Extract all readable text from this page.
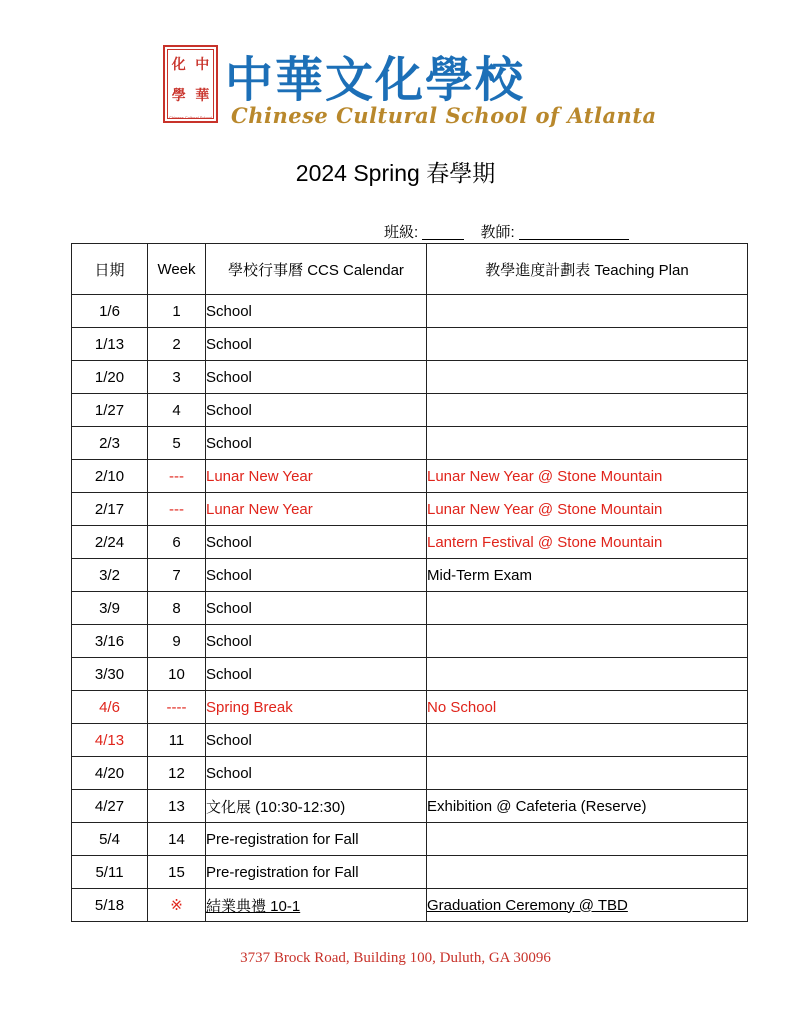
化 中
學 華
Chinese Cultural School
中華文化學校
Chinese Cultural School of Atlanta
2024 Spring 春學期
班級:	教師:
日期	Week	學校行事曆 CCS Calendar	教學進度計劃表 Teaching Plan
1/6	1	School	
1/13	2	School	
1/20	3	School	
1/27	4	School	
2/3	5	School	
2/10	---	Lunar New Year	Lunar New Year @ Stone Mountain
2/17	---	Lunar New Year	Lunar New Year @ Stone Mountain
2/24	6	School	Lantern Festival @ Stone Mountain
3/2	7	School	Mid-Term Exam
3/9	8	School	
3/16	9	School	
3/30	10	School	
4/6	----	Spring Break	No School
4/13	11	School	
4/20	12	School	
4/27	13	文化展 (10:30-12:30)	Exhibition @ Cafeteria (Reserve)
5/4	14	Pre-registration for Fall	
5/11	15	Pre-registration for Fall	
5/18	※	結業典禮 10-1	Graduation Ceremony @ TBD
3737 Brock Road, Building 100, Duluth, GA 30096
